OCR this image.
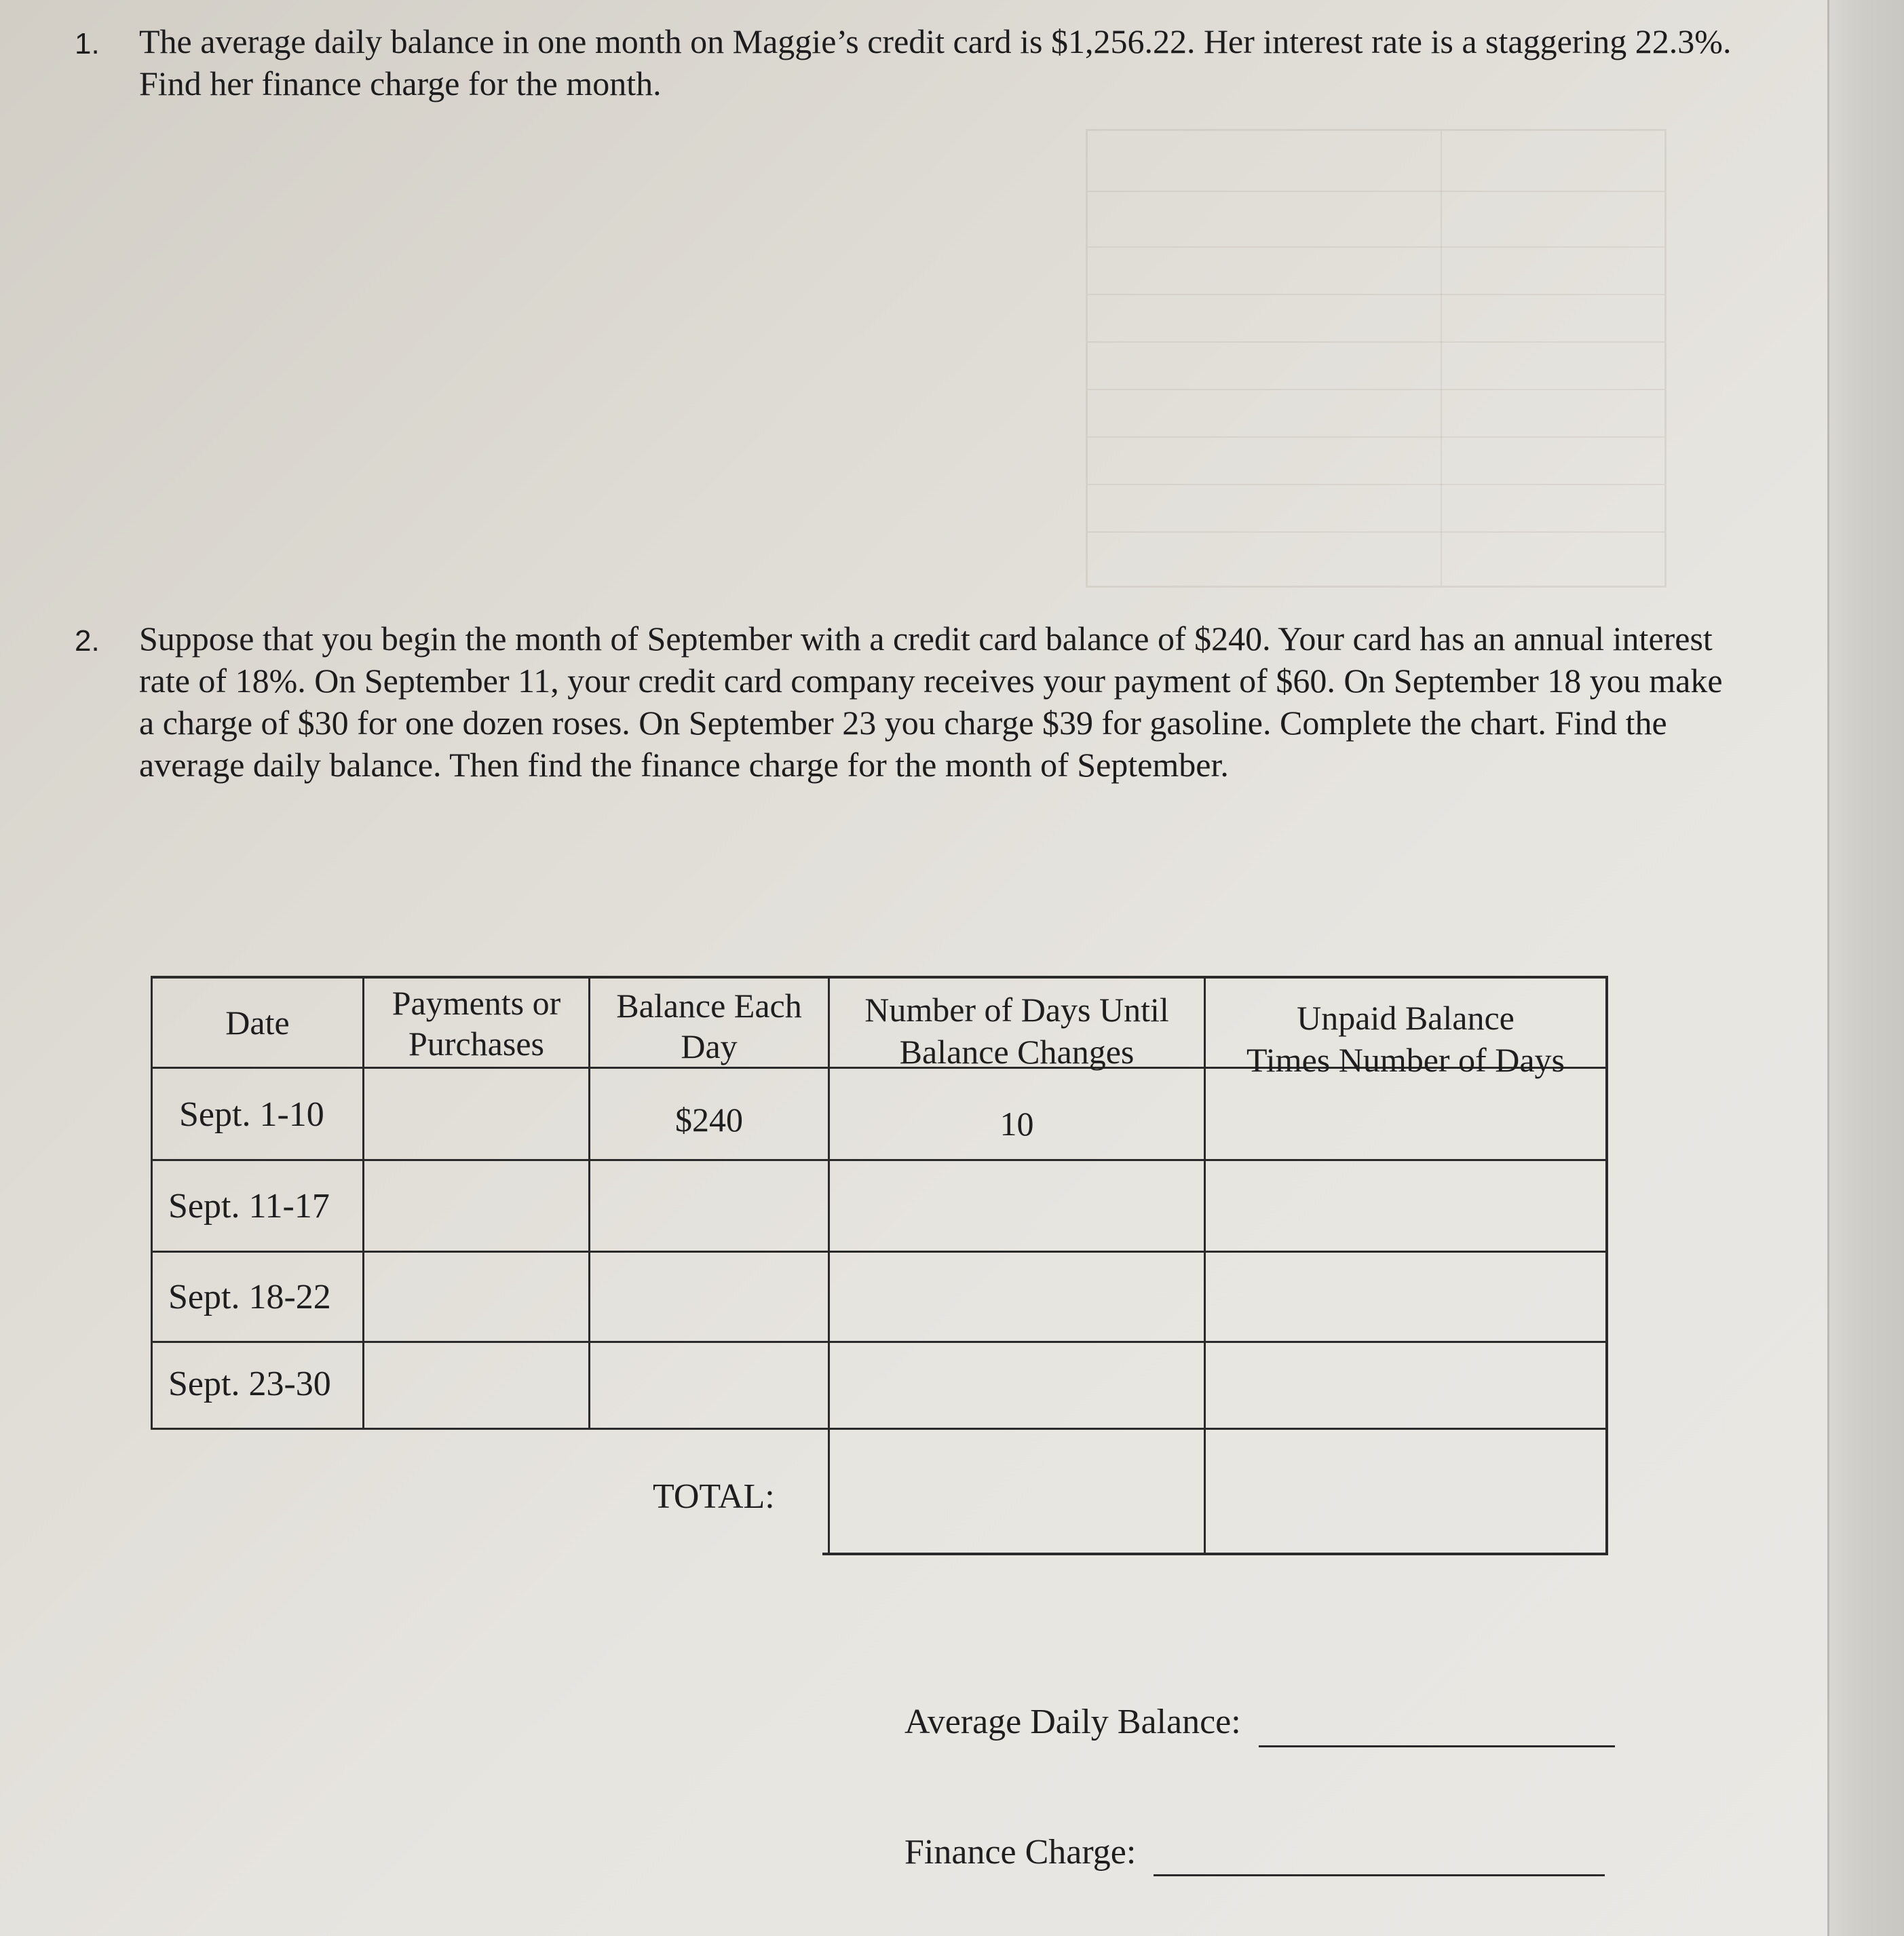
1. The average daily balance in one month on Maggie’s credit card is $1,256.22. Her interest rate is a staggering 22.3%. Find her finance charge for the month.
2. Suppose that you begin the month of September with a credit card balance of $240. Your card has an annual interest rate of 18%. On September 11, your credit card company receives your payment of $60. On September 18 you make a charge of $30 for one dozen roses. On September 23 you charge $39 for gasoline. Complete the chart. Find the average daily balance. Then find the finance charge for the month of September.
Date
Payments or
Purchases
Balance Each
Day
Number of Days Until
Balance Changes
Unpaid Balance
Times Number of Days
Sept. 1-10	$240	10
Sept. 11-17
Sept. 18-22
Sept. 23-30
TOTAL:
Average Daily Balance:
Finance Charge:
